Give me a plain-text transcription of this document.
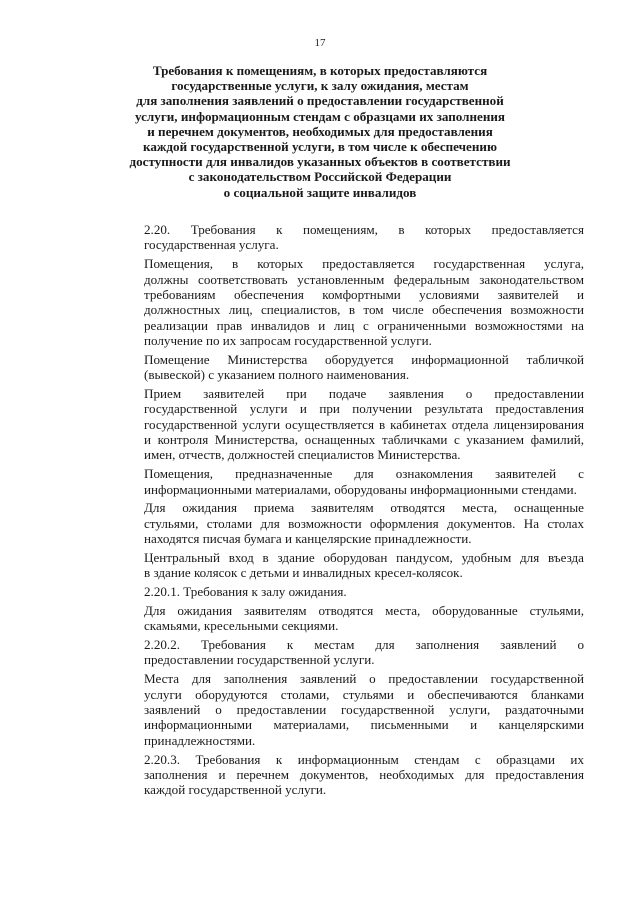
17
Требования к помещениям, в которых предоставляются
государственные услуги, к залу ожидания, местам
для заполнения заявлений о предоставлении государственной
услуги, информационным стендам с образцами их заполнения
и перечнем документов, необходимых для предоставления
каждой государственной услуги, в том числе к обеспечению
доступности для инвалидов указанных объектов в соответствии
с законодательством Российской Федерации
о социальной защите инвалидов

2.20. Требования к помещениям, в которых предоставляется
государственная услуга.

Помещения, в которых предоставляется государственная услуга,
должны соответствовать установленным федеральным законодательством
требованиям обеспечения комфортными условиями заявителей и
должностных лиц, специалистов, в том числе обеспечения возможности
реализации прав инвалидов и лиц с ограниченными возможностями на
получение по их запросам государственной услуги.

Помещение Министерства оборудуется информационной табличкой
(вывеской) с указанием полного наименования.

Прием заявителей при подаче заявления о предоставлении
государственной услуги и при получении результата предоставления
государственной услуги осуществляется в кабинетах отдела лицензирования
и контроля Министерства, оснащенных табличками с указанием фамилий,
имен, отчеств, должностей специалистов Министерства.

Помещения, предназначенные для ознакомления заявителей с
информационными материалами, оборудованы информационными стендами.

Для ожидания приема заявителям отводятся места, оснащенные
стульями, столами для возможности оформления документов. На столах
находятся писчая бумага и канцелярские принадлежности.

Центральный вход в здание оборудован пандусом, удобным для въезда
в здание колясок с детьми и инвалидных кресел-колясок.

2.20.1. Требования к залу ожидания.

Для ожидания заявителям отводятся места, оборудованные стульями,
скамьями, кресельными секциями.

2.20.2. Требования к местам для заполнения заявлений о
предоставлении государственной услуги.

Места для заполнения заявлений о предоставлении государственной
услуги оборудуются столами, стульями и обеспечиваются бланками
заявлений о предоставлении государственной услуги, раздаточными
информационными материалами, письменными и канцелярскими
принадлежностями.

2.20.3. Требования к информационным стендам с образцами их
заполнения и перечнем документов, необходимых для предоставления
каждой государственной услуги.
